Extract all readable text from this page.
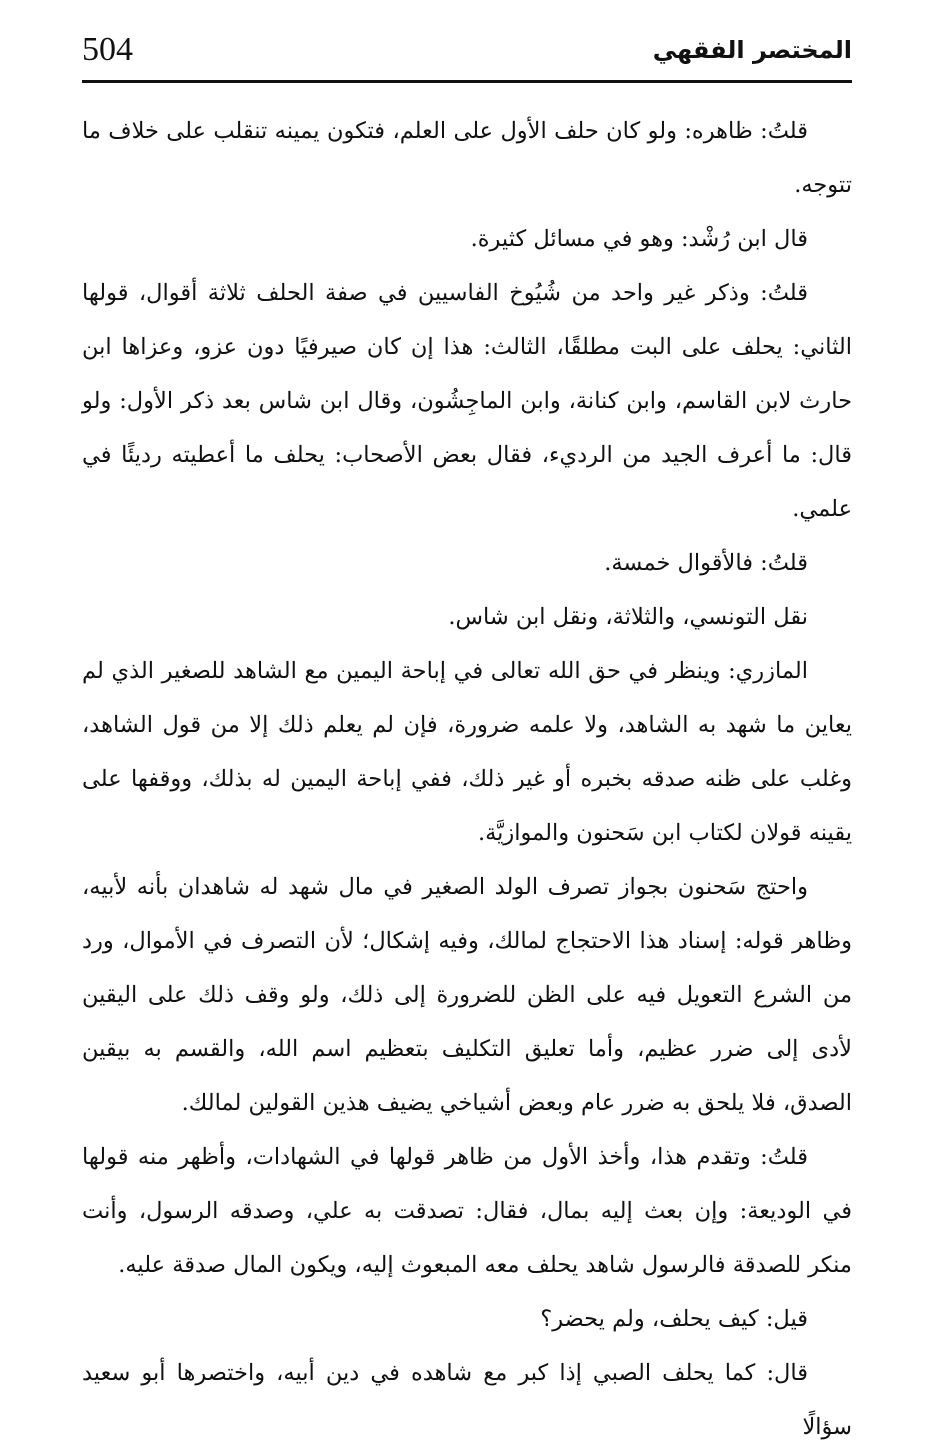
504	المختصر الفقهي

قلتُ: ظاهره: ولو كان حلف الأول على العلم، فتكون يمينه تنقلب على خلاف ما تتوجه.

قال ابن رُشْد: وهو في مسائل كثيرة.

قلتُ: وذكر غير واحد من شُيُوخ الفاسيين في صفة الحلف ثلاثة أقوال، قولها الثاني: يحلف على البت مطلقًا، الثالث: هذا إن كان صيرفيًا دون عزو، وعزاها ابن حارث لابن القاسم، وابن كنانة، وابن الماجِشُون، وقال ابن شاس بعد ذكر الأول: ولو قال: ما أعرف الجيد من الرديء، فقال بعض الأصحاب: يحلف ما أعطيته رديئًا في علمي.

قلتُ: فالأقوال خمسة.

نقل التونسي، والثلاثة، ونقل ابن شاس.

المازري: وينظر في حق الله تعالى في إباحة اليمين مع الشاهد للصغير الذي لم يعاين ما شهد به الشاهد، ولا علمه ضرورة، فإن لم يعلم ذلك إلا من قول الشاهد، وغلب على ظنه صدقه بخبره أو غير ذلك، ففي إباحة اليمين له بذلك، ووقفها على يقينه قولان لكتاب ابن سَحنون والموازيَّة.

واحتج سَحنون بجواز تصرف الولد الصغير في مال شهد له شاهدان بأنه لأبيه، وظاهر قوله: إسناد هذا الاحتجاج لمالك، وفيه إشكال؛ لأن التصرف في الأموال، ورد من الشرع التعويل فيه على الظن للضرورة إلى ذلك، ولو وقف ذلك على اليقين لأدى إلى ضرر عظيم، وأما تعليق التكليف بتعظيم اسم الله، والقسم به بيقين الصدق، فلا يلحق به ضرر عام وبعض أشياخي يضيف هذين القولين لمالك.

قلتُ: وتقدم هذا، وأخذ الأول من ظاهر قولها في الشهادات، وأظهر منه قولها في الوديعة: وإن بعث إليه بمال، فقال: تصدقت به علي، وصدقه الرسول، وأنت منكر للصدقة فالرسول شاهد يحلف معه المبعوث إليه، ويكون المال صدقة عليه.

قيل: كيف يحلف، ولم يحضر؟

قال: كما يحلف الصبي إذا كبر مع شاهده في دين أبيه، واختصرها أبو سعيد سؤالًا
